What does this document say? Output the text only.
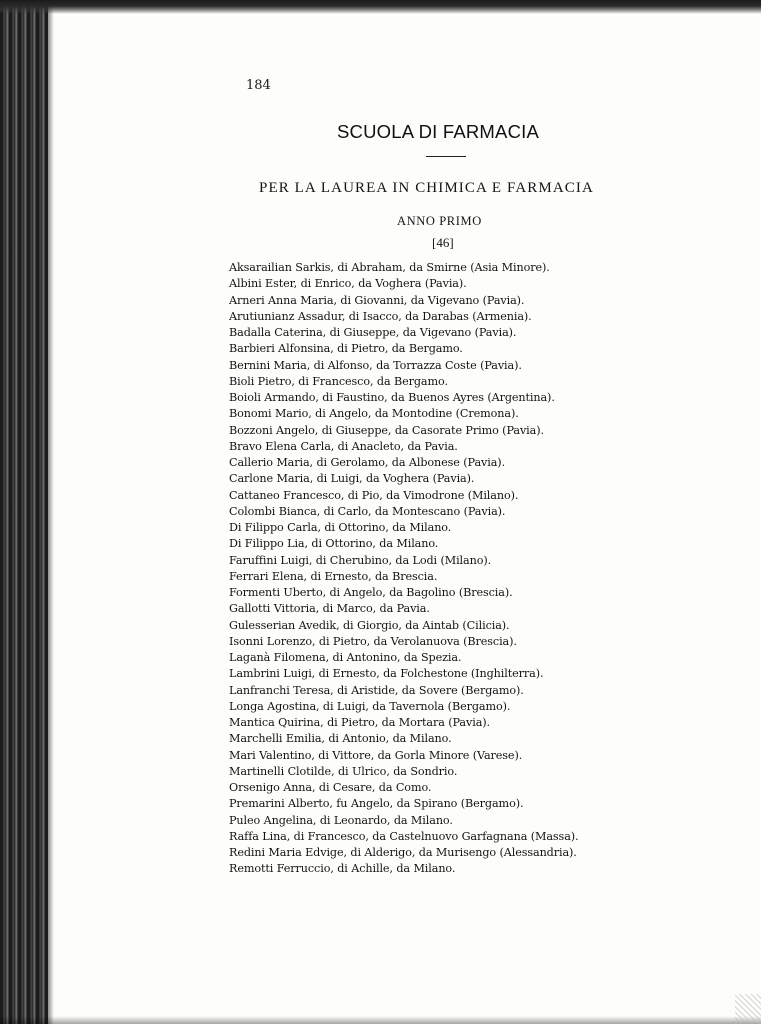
184
SCUOLA DI FARMACIA
PER LA LAUREA IN CHIMICA E FARMACIA
ANNO PRIMO
[46]
Aksarailian Sarkis, di Abraham, da Smirne (Asia Minore).
Albini Ester, di Enrico, da Voghera (Pavia).
Arneri Anna Maria, di Giovanni, da Vigevano (Pavia).
Arutiunianz Assadur, di Isacco, da Darabas (Armenia).
Badalla Caterina, di Giuseppe, da Vigevano (Pavia).
Barbieri Alfonsina, di Pietro, da Bergamo.
Bernini Maria, di Alfonso, da Torrazza Coste (Pavia).
Bioli Pietro, di Francesco, da Bergamo.
Boioli Armando, di Faustino, da Buenos Ayres (Argentina).
Bonomi Mario, di Angelo, da Montodine (Cremona).
Bozzoni Angelo, di Giuseppe, da Casorate Primo (Pavia).
Bravo Elena Carla, di Anacleto, da Pavia.
Callerio Maria, di Gerolamo, da Albonese (Pavia).
Carlone Maria, di Luigi, da Voghera (Pavia).
Cattaneo Francesco, di Pio, da Vimodrone (Milano).
Colombi Bianca, di Carlo, da Montescano (Pavia).
Di Filippo Carla, di Ottorino, da Milano.
Di Filippo Lia, di Ottorino, da Milano.
Faruffini Luigi, di Cherubino, da Lodi (Milano).
Ferrari Elena, di Ernesto, da Brescia.
Formenti Uberto, di Angelo, da Bagolino (Brescia).
Gallotti Vittoria, di Marco, da Pavia.
Gulesserian Avedik, di Giorgio, da Aintab (Cilicia).
Isonni Lorenzo, di Pietro, da Verolanuova (Brescia).
Laganà Filomena, di Antonino, da Spezia.
Lambrini Luigi, di Ernesto, da Folchestone (Inghilterra).
Lanfranchi Teresa, di Aristide, da Sovere (Bergamo).
Longa Agostina, di Luigi, da Tavernola (Bergamo).
Mantica Quirina, di Pietro, da Mortara (Pavia).
Marchelli Emilia, di Antonio, da Milano.
Mari Valentino, di Vittore, da Gorla Minore (Varese).
Martinelli Clotilde, di Ulrico, da Sondrio.
Orsenigo Anna, di Cesare, da Como.
Premarini Alberto, fu Angelo, da Spirano (Bergamo).
Puleo Angelina, di Leonardo, da Milano.
Raffa Lina, di Francesco, da Castelnuovo Garfagnana (Massa).
Redini Maria Edvige, di Alderigo, da Murisengo (Alessandria).
Remotti Ferruccio, di Achille, da Milano.
